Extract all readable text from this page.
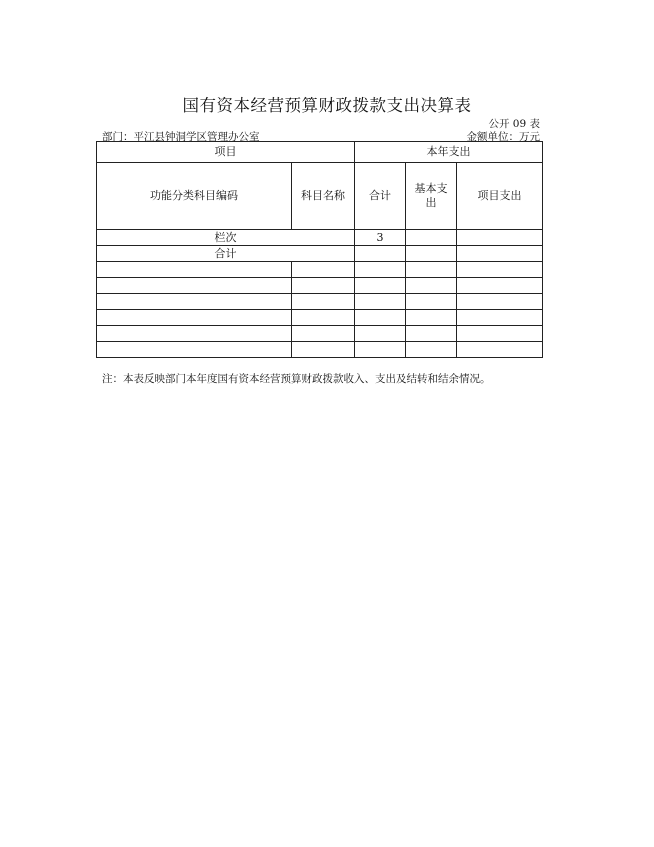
国有资本经营预算财政拨款支出决算表
公开 09 表
部门：平江县钟洞学区管理办公室	金额单位：万元
项目		本年支出		
功能分类科目编码	科目名称	合计	基本支出	项目支出
栏次		3		
合计				

注：本表反映部门本年度国有资本经营预算财政拨款收入、支出及结转和结余情况。
